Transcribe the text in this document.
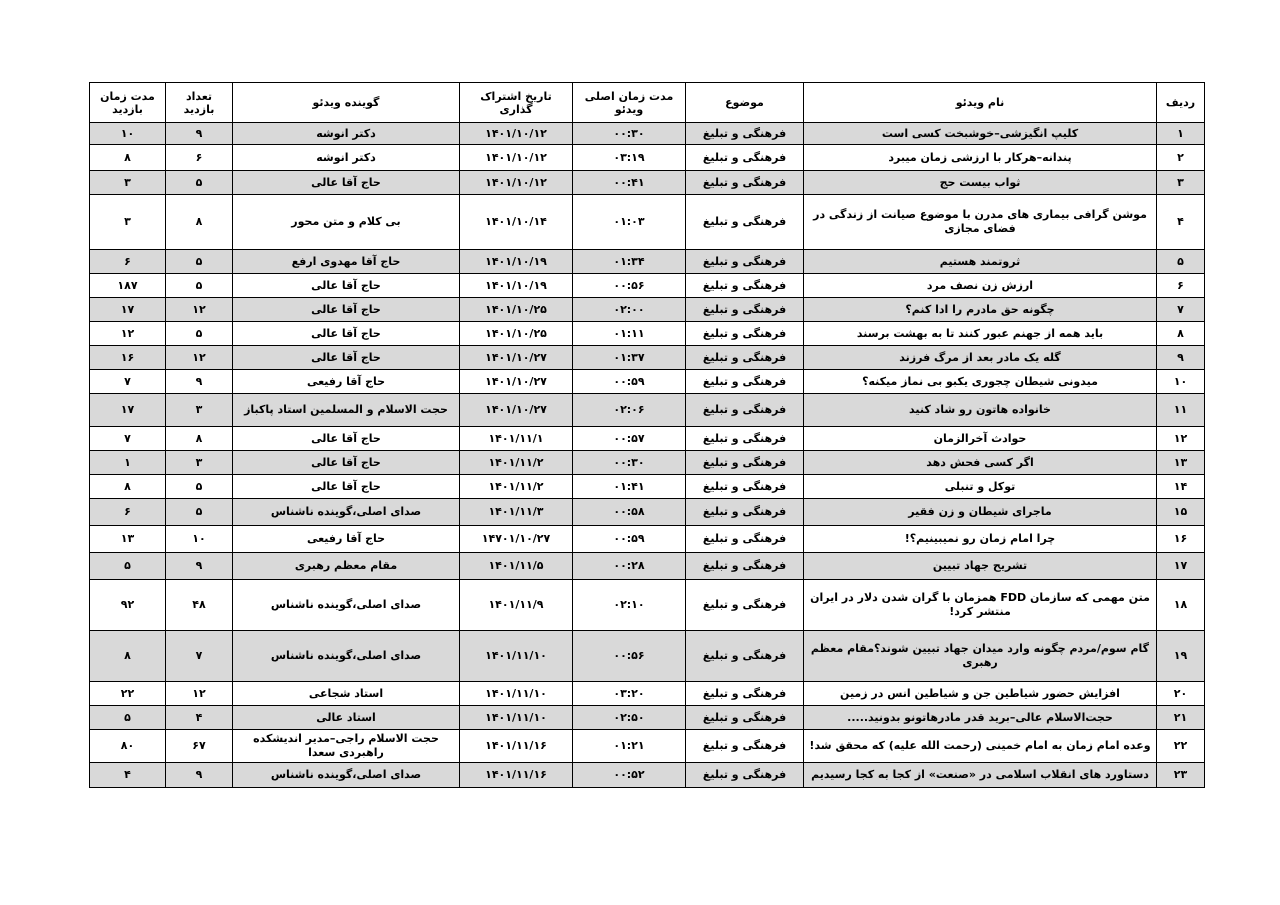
ردیف	نام ویدئو	موضوع	مدت زمان اصلی ویدئو	تاریخ اشتراک گذاری	گوینده ویدئو	تعداد بازدید	مدت زمان بازدید
۱	کلیپ انگیزشی–خوشبخت کسی است	فرهنگی و تبلیغ	۰۰:۳۰	۱۴۰۱/۱۰/۱۲	دکتر انوشه	۹	۱۰
۲	پندانه–هرکار با ارزشی زمان میبرد	فرهنگی و تبلیغ	۰۳:۱۹	۱۴۰۱/۱۰/۱۲	دکتر انوشه	۶	۸
۳	ثواب بیست حج	فرهنگی و تبلیغ	۰۰:۴۱	۱۴۰۱/۱۰/۱۲	حاج آقا عالی	۵	۳
۴	موشن گرافی بیماری های مدرن با موضوع صیانت از زندگی در فضای مجازی	فرهنگی و تبلیغ	۰۱:۰۳	۱۴۰۱/۱۰/۱۴	بی کلام و متن محور	۸	۳
۵	ثروتمند هستیم	فرهنگی و تبلیغ	۰۱:۳۴	۱۴۰۱/۱۰/۱۹	حاج آقا مهدوی ارفع	۵	۶
۶	ارزش زن نصف مرد	فرهنگی و تبلیغ	۰۰:۵۶	۱۴۰۱/۱۰/۱۹	حاج آقا عالی	۵	۱۸۷
۷	چگونه حق مادرم را ادا کنم؟	فرهنگی و تبلیغ	۰۲:۰۰	۱۴۰۱/۱۰/۲۵	حاج آقا عالی	۱۲	۱۷
۸	باید همه از جهنم عبور کنند تا به بهشت برسند	فرهنگی و تبلیغ	۰۱:۱۱	۱۴۰۱/۱۰/۲۵	حاج آقا عالی	۵	۱۲
۹	گله یک مادر بعد از مرگ فرزند	فرهنگی و تبلیغ	۰۱:۳۷	۱۴۰۱/۱۰/۲۷	حاج آقا عالی	۱۲	۱۶
۱۰	میدونی شیطان چجوری یکبو بی نماز میکنه؟	فرهنگی و تبلیغ	۰۰:۵۹	۱۴۰۱/۱۰/۲۷	حاج آقا رفیعی	۹	۷
۱۱	خانواده هاتون رو شاد کنید	فرهنگی و تبلیغ	۰۲:۰۶	۱۴۰۱/۱۰/۲۷	حجت الاسلام و المسلمین استاد پاکباز	۳	۱۷
۱۲	حوادث آخرالزمان	فرهنگی و تبلیغ	۰۰:۵۷	۱۴۰۱/۱۱/۱	حاج آقا عالی	۸	۷
۱۳	اگر کسی فحش دهد	فرهنگی و تبلیغ	۰۰:۳۰	۱۴۰۱/۱۱/۲	حاج آقا عالی	۳	۱
۱۴	توکل و تنبلی	فرهنگی و تبلیغ	۰۱:۴۱	۱۴۰۱/۱۱/۲	حاج آقا عالی	۵	۸
۱۵	ماجرای شیطان و زن فقیر	فرهنگی و تبلیغ	۰۰:۵۸	۱۴۰۱/۱۱/۳	صدای اصلی،گوینده ناشناس	۵	۶
۱۶	چرا امام زمان رو نمیبینیم؟!	فرهنگی و تبلیغ	۰۰:۵۹	۱۴۷۰۱/۱۰/۲۷	حاج آقا رفیعی	۱۰	۱۳
۱۷	تشریح جهاد تبیین	فرهنگی و تبلیغ	۰۰:۲۸	۱۴۰۱/۱۱/۵	مقام معظم رهبری	۹	۵
۱۸	متن مهمی که سازمان FDD همزمان با گران شدن دلار در ایران منتشر کرد!	فرهنگی و تبلیغ	۰۲:۱۰	۱۴۰۱/۱۱/۹	صدای اصلی،گوینده ناشناس	۴۸	۹۲
۱۹	گام سوم/مردم چگونه وارد میدان جهاد تبیین شوند؟مقام معظم رهبری	فرهنگی و تبلیغ	۰۰:۵۶	۱۴۰۱/۱۱/۱۰	صدای اصلی،گوینده ناشناس	۷	۸
۲۰	افزایش حضور شیاطین جن و شیاطین انس در زمین	فرهنگی و تبلیغ	۰۳:۲۰	۱۴۰۱/۱۱/۱۰	استاد شجاعی	۱۲	۲۲
۲۱	حجت‌الاسلام عالی–برید قدر مادرهاتونو بدونید.....	فرهنگی و تبلیغ	۰۲:۵۰	۱۴۰۱/۱۱/۱۰	استاد عالی	۴	۵
۲۲	وعده امام زمان به امام خمینی (رحمت الله علیه) که محقق شد!	فرهنگی و تبلیغ	۰۱:۲۱	۱۴۰۱/۱۱/۱۶	حجت الاسلام راجی–مدیر اندیشکده راهبردی سعدا	۶۷	۸۰
۲۳	دستاورد های انقلاب اسلامی در «صنعت» از کجا به کجا رسیدیم	فرهنگی و تبلیغ	۰۰:۵۲	۱۴۰۱/۱۱/۱۶	صدای اصلی،گوینده ناشناس	۹	۴
